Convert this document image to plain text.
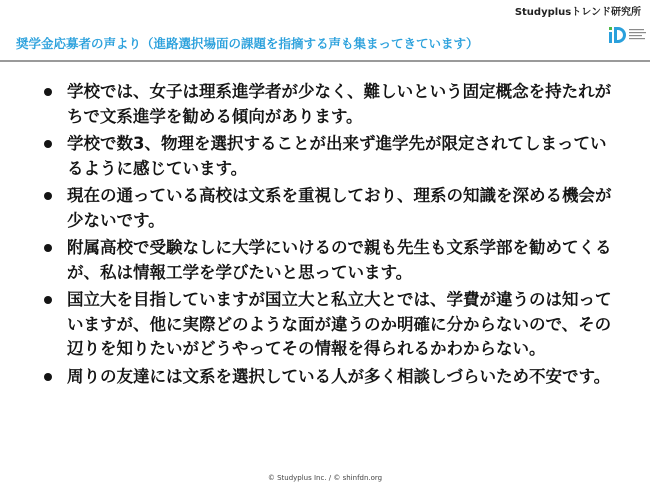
Studyplusトレンド研究所
奨学金応募者の声より（進路選択場面の課題を指摘する声も集まってきています）
学校では、女子は理系進学者が少なく、難しいという固定概念を持たれがちで文系進学を勧める傾向があります。
学校で数3、物理を選択することが出来ず進学先が限定されてしまっているように感じています。
現在の通っている高校は文系を重視しており、理系の知識を深める機会が少ないです。
附属高校で受験なしに大学にいけるので親も先生も文系学部を勧めてくるが、私は情報工学を学びたいと思っています。
国立大を目指していますが国立大と私立大とでは、学費が違うのは知っていますが、他に実際どのような面が違うのか明確に分からないので、その辺りを知りたいがどうやってその情報を得られるかわからない。
周りの友達には文系を選択している人が多く相談しづらいため不安です。
© Studyplus Inc. / © shinfdn.org
